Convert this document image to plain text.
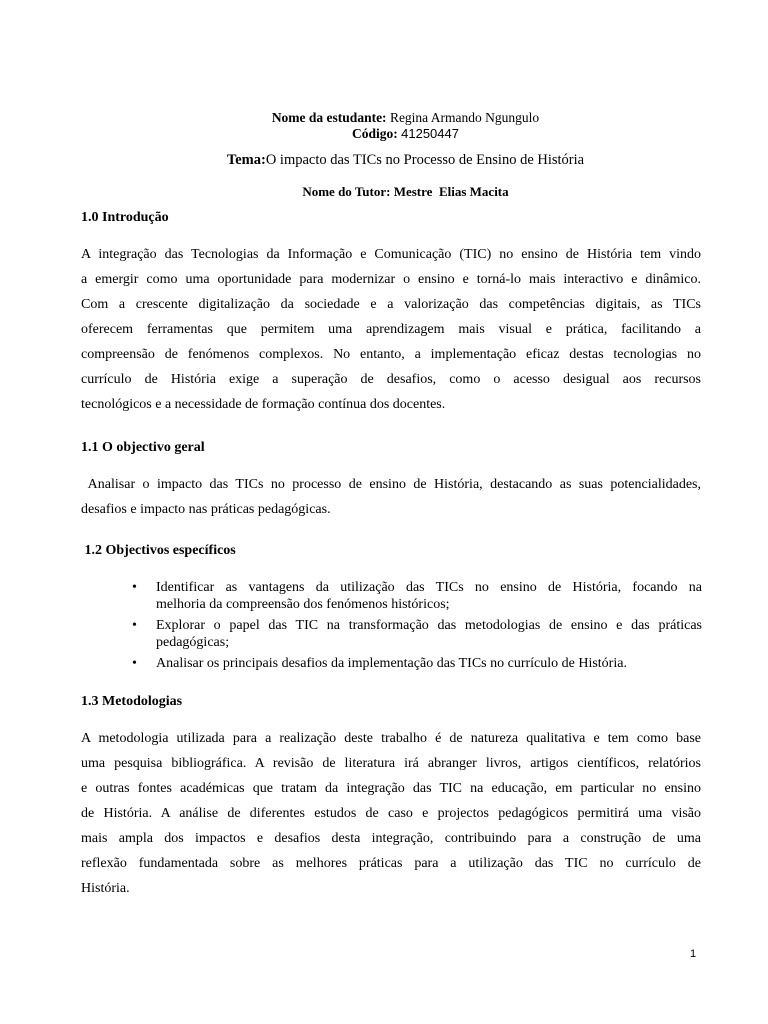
Nome da estudante: Regina Armando Ngungulo
Código: 41250447
Tema:O impacto das TICs no Processo de Ensino de História
Nome do Tutor: Mestre  Elias Macita
1.0 Introdução
A integração das Tecnologias da Informação e Comunicação (TIC) no ensino de História tem vindo
a emergir como uma oportunidade para modernizar o ensino e torná-lo mais interactivo e dinâmico.
Com a crescente digitalização da sociedade e a valorização das competências digitais, as TICs
oferecem ferramentas que permitem uma aprendizagem mais visual e prática, facilitando a
compreensão de fenómenos complexos. No entanto, a implementação eficaz destas tecnologias no
currículo de História exige a superação de desafios, como o acesso desigual aos recursos
tecnológicos e a necessidade de formação contínua dos docentes.
1.1 O objectivo geral
Analisar o impacto das TICs no processo de ensino de História, destacando as suas potencialidades,
desafios e impacto nas práticas pedagógicas.
1.2 Objectivos específicos
• Identificar as vantagens da utilização das TICs no ensino de História, focando na
melhoria da compreensão dos fenómenos históricos;
• Explorar o papel das TIC na transformação das metodologias de ensino e das práticas
pedagógicas;
• Analisar os principais desafios da implementação das TICs no currículo de História.
1.3 Metodologias
A metodologia utilizada para a realização deste trabalho é de natureza qualitativa e tem como base
uma pesquisa bibliográfica. A revisão de literatura irá abranger livros, artigos científicos, relatórios
e outras fontes académicas que tratam da integração das TIC na educação, em particular no ensino
de História. A análise de diferentes estudos de caso e projectos pedagógicos permitirá uma visão
mais ampla dos impactos e desafios desta integração, contribuindo para a construção de uma
reflexão fundamentada sobre as melhores práticas para a utilização das TIC no currículo de
História.
1
